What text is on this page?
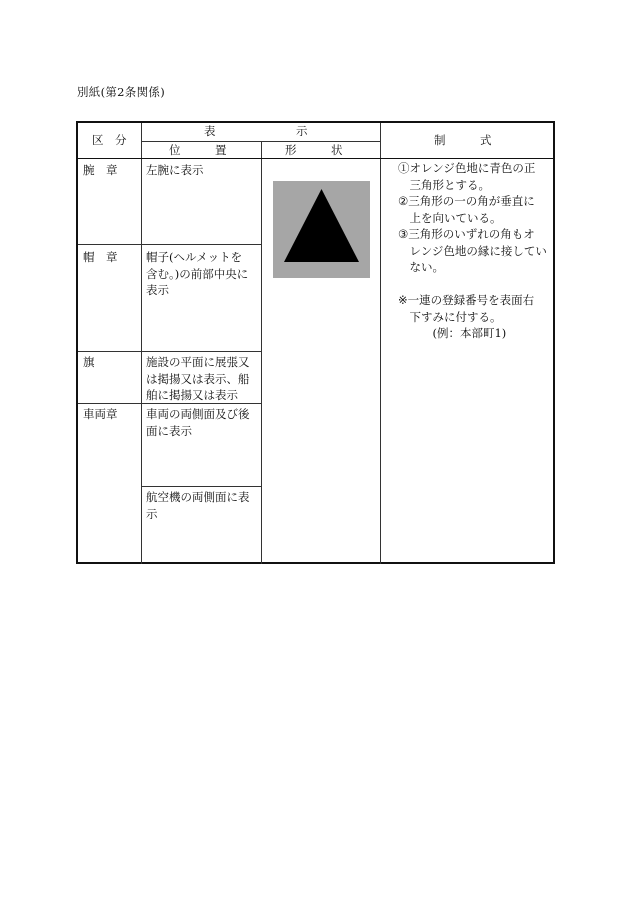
別紙(第2条関係)
区　分
表　　　　　　　示
位　　　置	形　　　状
制　　　式
腕　章 左腕に表示
帽　章 帽子(ヘルメットを
含む。)の前部中央に
表示
旗	施設の平面に展張又
は掲揚又は表示、船
舶に掲揚又は表示
車両章 車両の両側面及び後
面に表示
航空機の両側面に表
示
①オレンジ色地に青色の正
　三角形とする。
②三角形の一の角が垂直に
　上を向いている。
③三角形のいずれの角もオ
　レンジ色地の縁に接してい
　ない。

※一連の登録番号を表面右
　下すみに付する。
　　　(例：本部町1)
